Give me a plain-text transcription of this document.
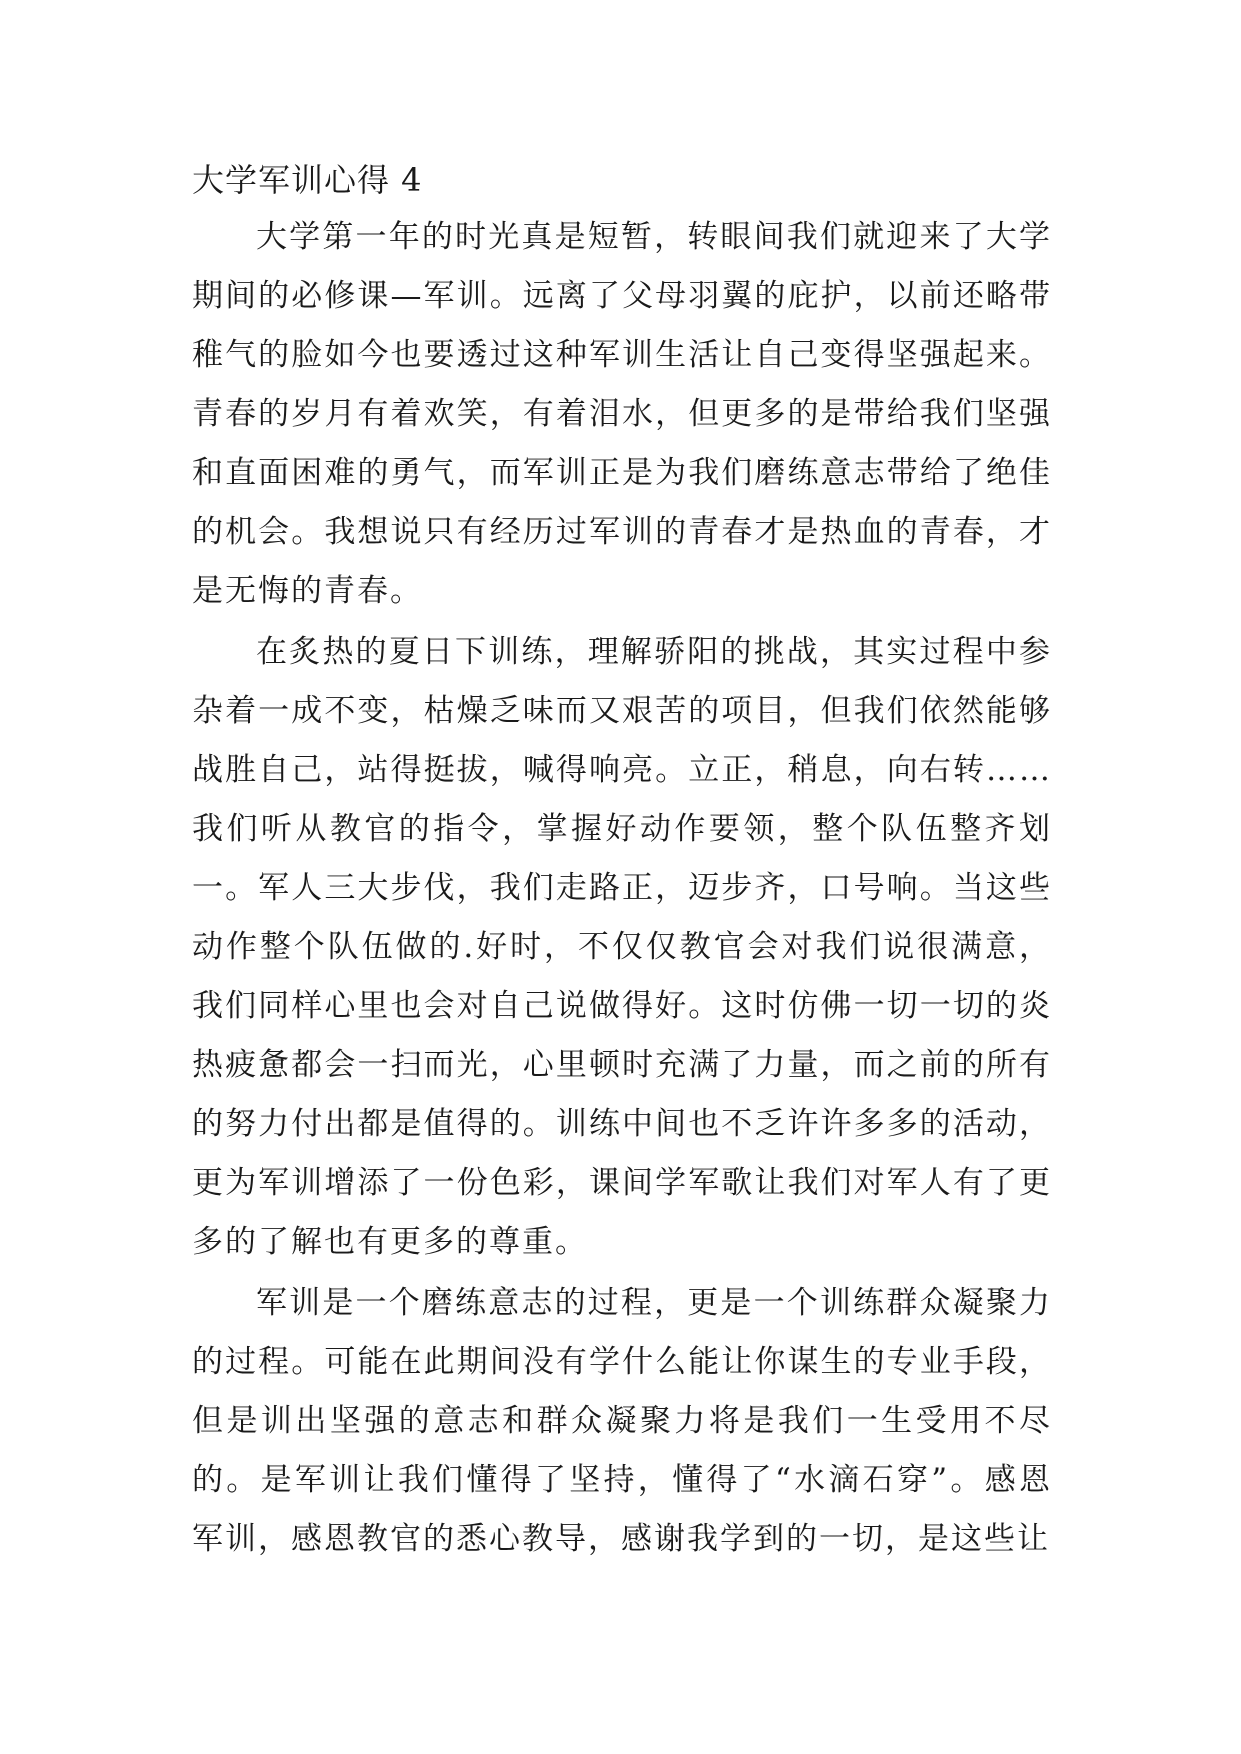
大学军训心得 4

大学第一年的时光真是短暂，转眼间我们就迎来了大学期间的必修课—军训。远离了父母羽翼的庇护，以前还略带稚气的脸如今也要透过这种军训生活让自己变得坚强起来。青春的岁月有着欢笑，有着泪水，但更多的是带给我们坚强和直面困难的勇气，而军训正是为我们磨练意志带给了绝佳的机会。我想说只有经历过军训的青春才是热血的青春，才是无悔的青春。

在炙热的夏日下训练，理解骄阳的挑战，其实过程中参杂着一成不变，枯燥乏味而又艰苦的项目，但我们依然能够战胜自己，站得挺拔，喊得响亮。立正，稍息，向右转……我们听从教官的指令，掌握好动作要领，整个队伍整齐划一。军人三大步伐，我们走路正，迈步齐，口号响。当这些动作整个队伍做的.好时，不仅仅教官会对我们说很满意，我们同样心里也会对自己说做得好。这时仿佛一切一切的炎热疲惫都会一扫而光，心里顿时充满了力量，而之前的所有的努力付出都是值得的。训练中间也不乏许许多多的活动，更为军训增添了一份色彩，课间学军歌让我们对军人有了更多的了解也有更多的尊重。

军训是一个磨练意志的过程，更是一个训练群众凝聚力的过程。可能在此期间没有学什么能让你谋生的专业手段，但是训出坚强的意志和群众凝聚力将是我们一生受用不尽的。是军训让我们懂得了坚持，懂得了“水滴石穿”。感恩军训，感恩教官的悉心教导，感谢我学到的一切，是这些让
